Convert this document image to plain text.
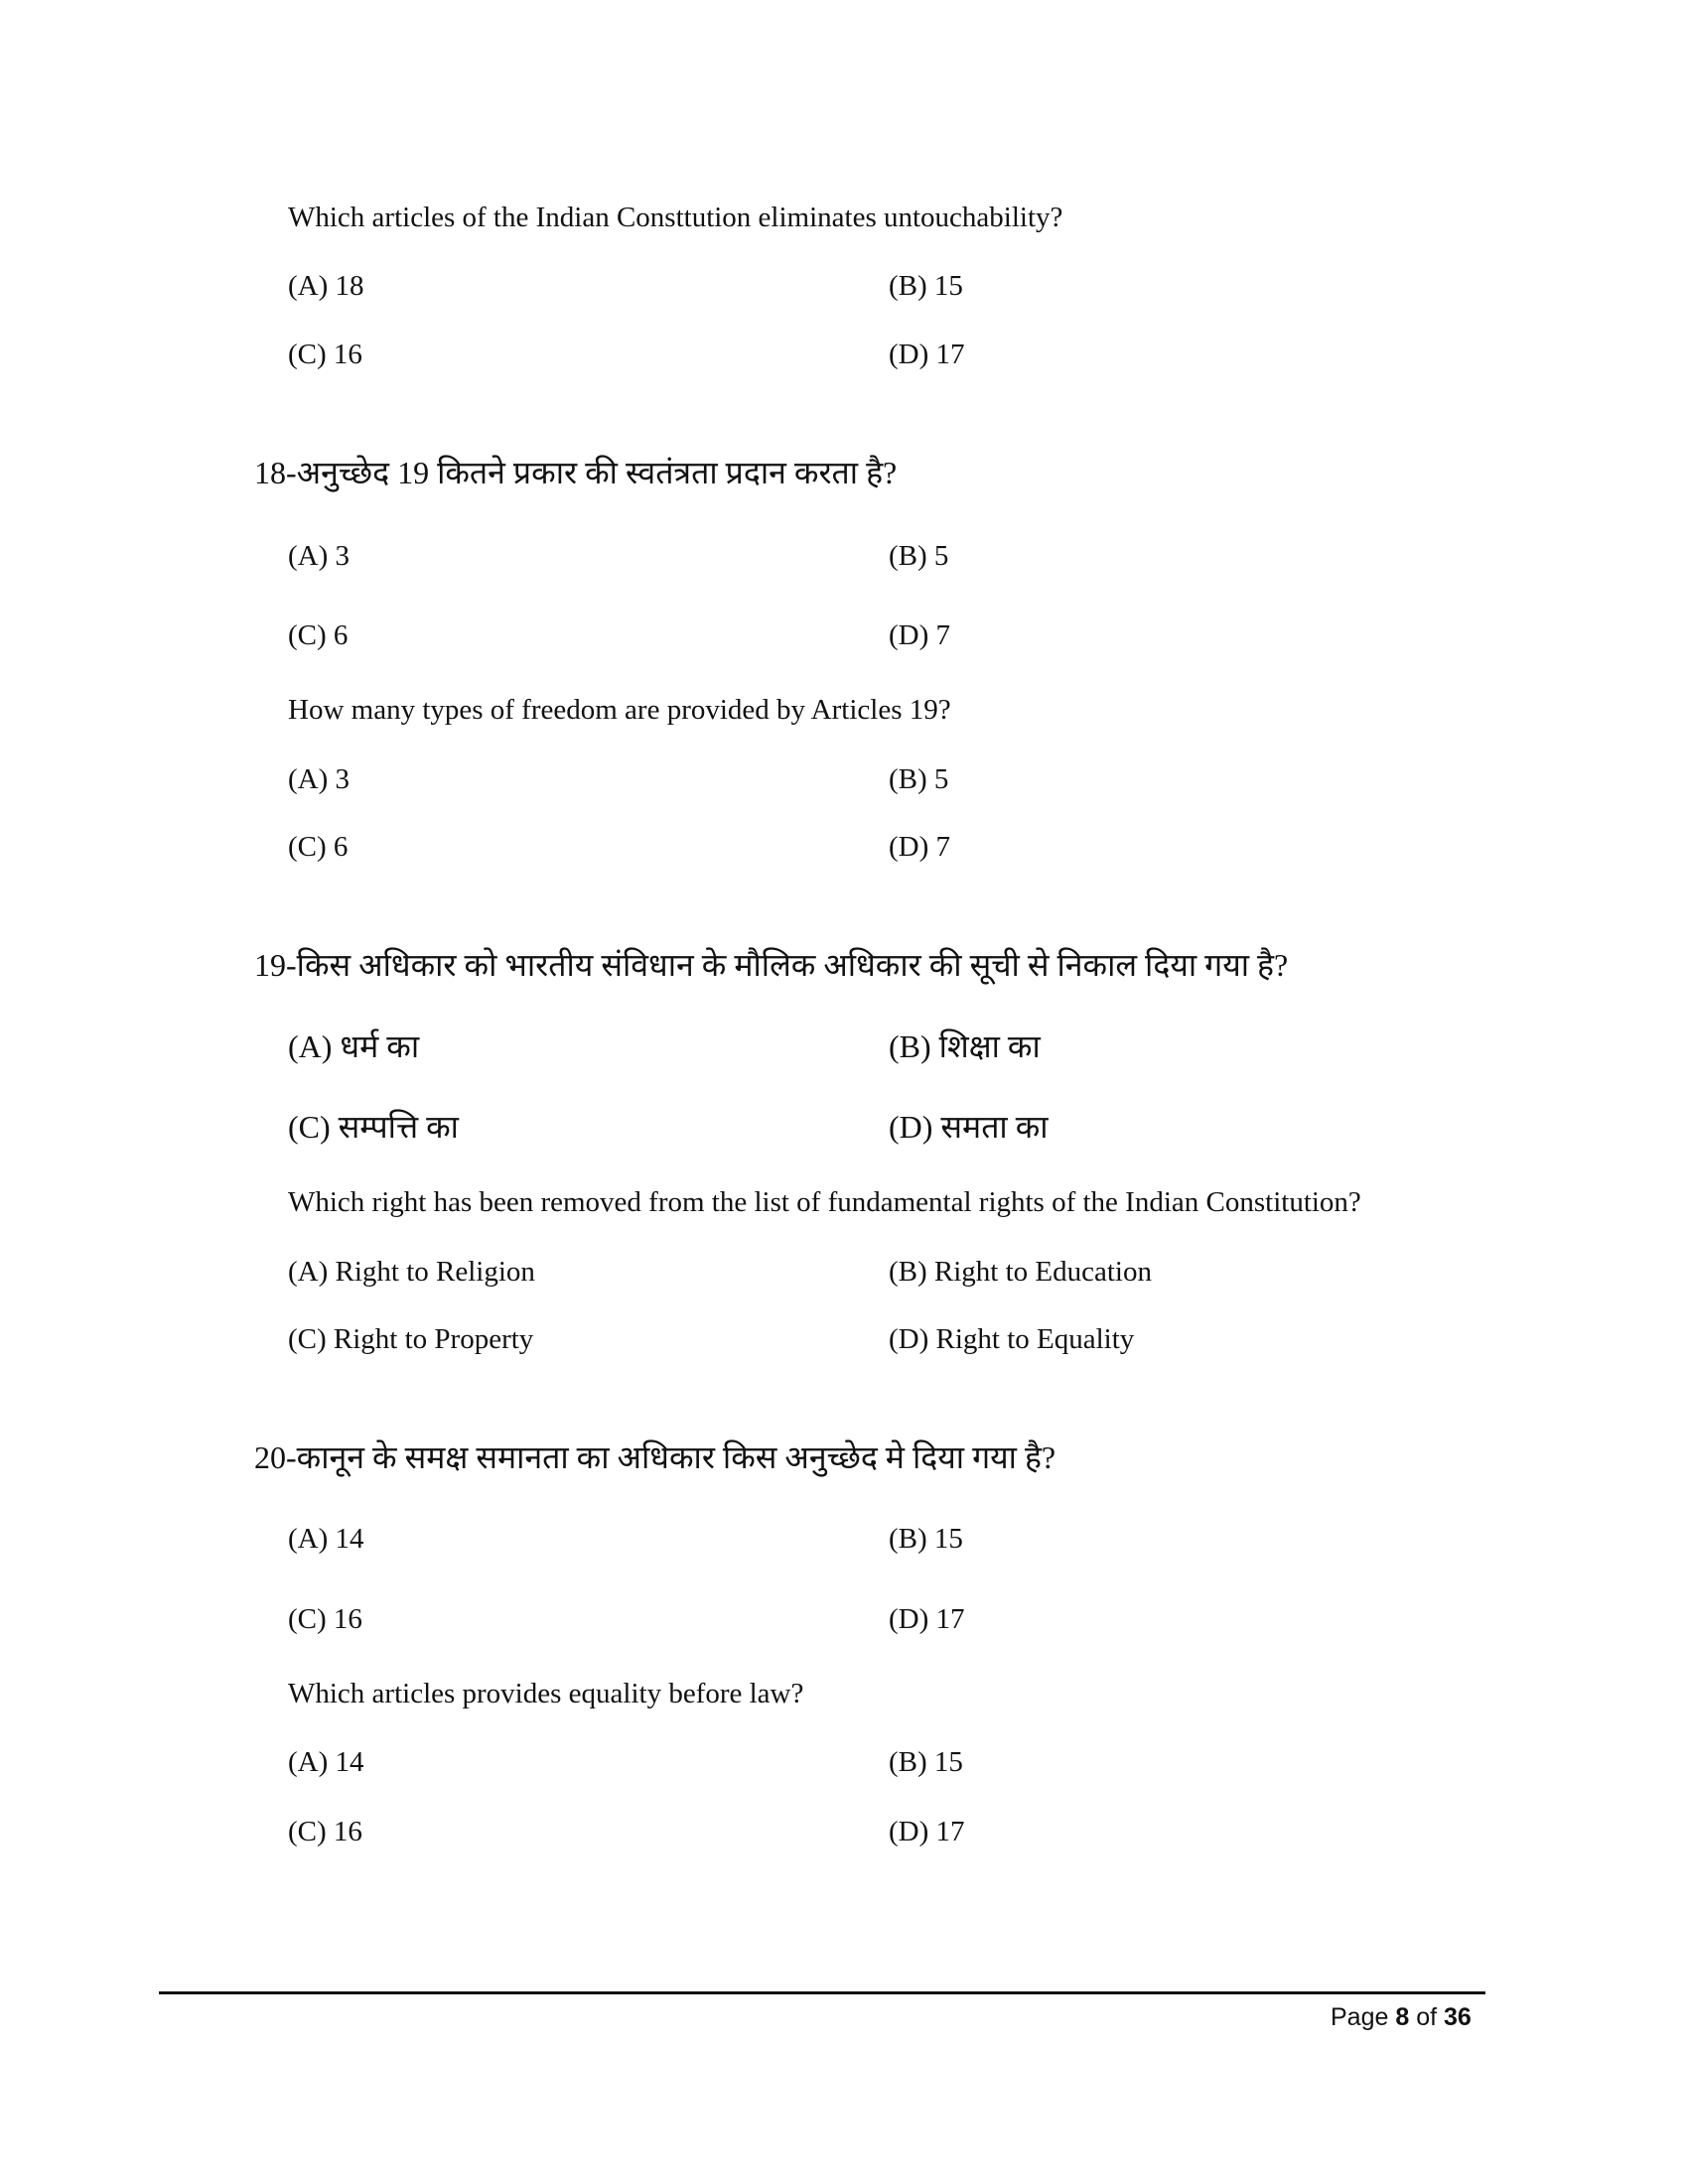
Which articles of the Indian Consttution eliminates untouchability?
(A) 18	(B) 15
(C) 16	(D) 17
18-अनुच्छेद 19 कितने प्रकार की स्वतंत्रता प्रदान करता है?
(A) 3	(B) 5
(C) 6	(D) 7
How many types of freedom are provided by Articles 19?
(A) 3	(B) 5
(C) 6	(D) 7
19-किस अधिकार को भारतीय संविधान के मौलिक अधिकार की सूची से निकाल दिया गया है?
(A) धर्म का	(B) शिक्षा का
(C) सम्पत्ति का	(D) समता का
Which right has been removed from the list of fundamental rights of the Indian Constitution?
(A) Right to Religion	(B) Right to Education
(C) Right to Property	(D) Right to Equality
20-कानून के समक्ष समानता का अधिकार किस अनुच्छेद मे दिया गया है?
(A) 14	(B) 15
(C) 16	(D) 17
Which articles provides equality before law?
(A) 14	(B) 15
(C) 16	(D) 17
Page 8 of 36
